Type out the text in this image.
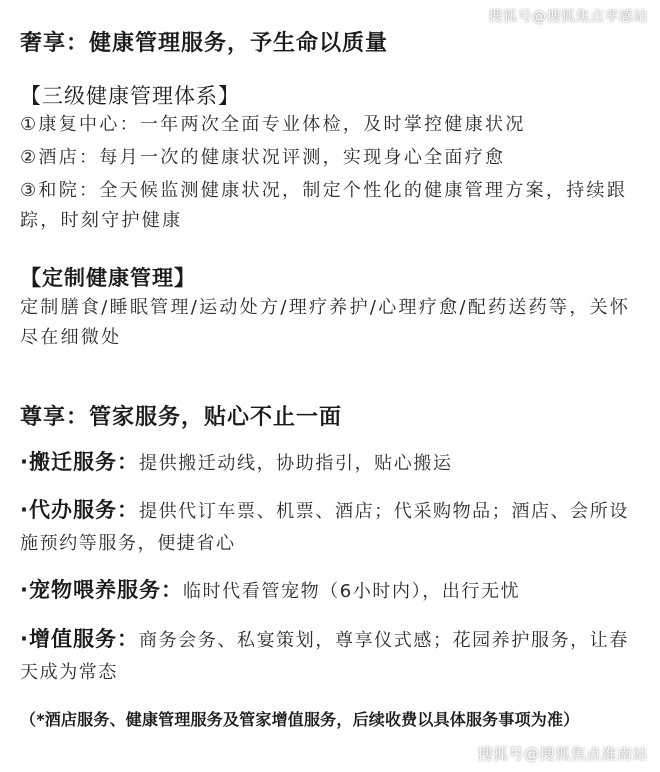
搜狐号@搜狐焦点孝感站
奢享：健康管理服务，予生命以质量
【三级健康管理体系】
①康复中心：一年两次全面专业体检，及时掌控健康状况
②酒店：每月一次的健康状况评测，实现身心全面疗愈
③和院：全天候监测健康状况，制定个性化的健康管理方案，持续跟踪，时刻守护健康
【定制健康管理】
定制膳食/睡眠管理/运动处方/理疗养护/心理疗愈/配药送药等，关怀尽在细微处
尊享：管家服务，贴心不止一面
·搬迁服务：提供搬迁动线，协助指引，贴心搬运
·代办服务：提供代订车票、机票、酒店；代采购物品；酒店、会所设施预约等服务，便捷省心
·宠物喂养服务：临时代看管宠物（6小时内），出行无忧
·增值服务：商务会务、私宴策划，尊享仪式感；花园养护服务，让春天成为常态
（*酒店服务、健康管理服务及管家增值服务，后续收费以具体服务事项为准）
搜狐号@搜狐焦点淮南站
